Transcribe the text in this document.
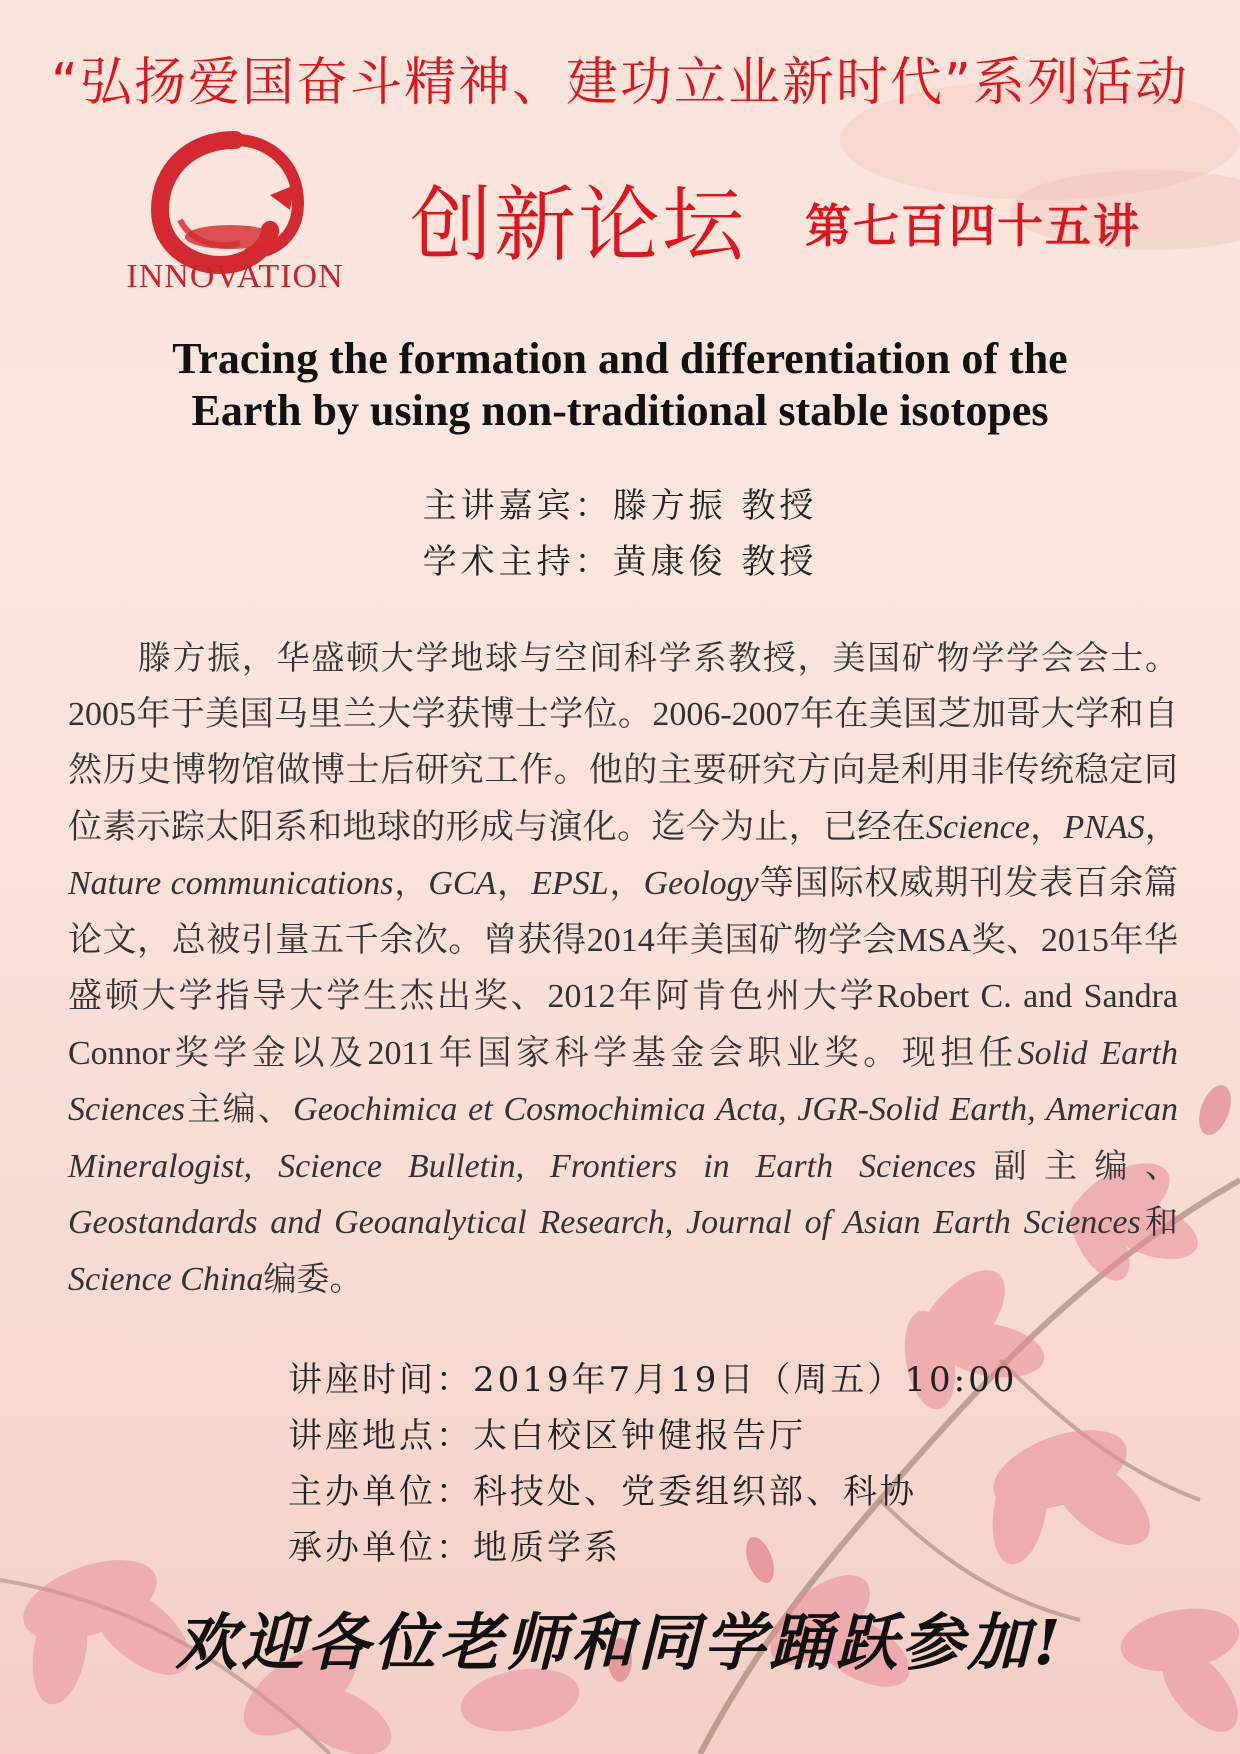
“弘扬爱国奋斗精神、建功立业新时代”系列活动
INNOVATION
创新论坛 第七百四十五讲
Tracing the formation and differentiation of the
Earth by using non-traditional stable isotopes
主讲嘉宾：滕方振 教授
学术主持：黄康俊 教授
滕方振，华盛顿大学地球与空间科学系教授，美国矿物学学会会士。2005年于美国马里兰大学获博士学位。2006-2007年在美国芝加哥大学和自然历史博物馆做博士后研究工作。他的主要研究方向是利用非传统稳定同位素示踪太阳系和地球的形成与演化。迄今为止，已经在Science，PNAS，Nature communications，GCA，EPSL，Geology等国际权威期刊发表百余篇论文，总被引量五千余次。曾获得2014年美国矿物学会MSA奖、2015年华盛顿大学指导大学生杰出奖、2012年阿肯色州大学Robert C. and Sandra Connor奖学金以及2011年国家科学基金会职业奖。现担任Solid Earth Sciences主编、Geochimica et Cosmochimica Acta, JGR-Solid Earth, American Mineralogist, Science Bulletin, Frontiers in Earth Sciences副主编、Geostandards and Geoanalytical Research, Journal of Asian Earth Sciences和Science China编委。
讲座时间：2019年7月19日（周五）10:00
讲座地点：太白校区钟健报告厅
主办单位：科技处、党委组织部、科协
承办单位：地质学系
欢迎各位老师和同学踊跃参加!
